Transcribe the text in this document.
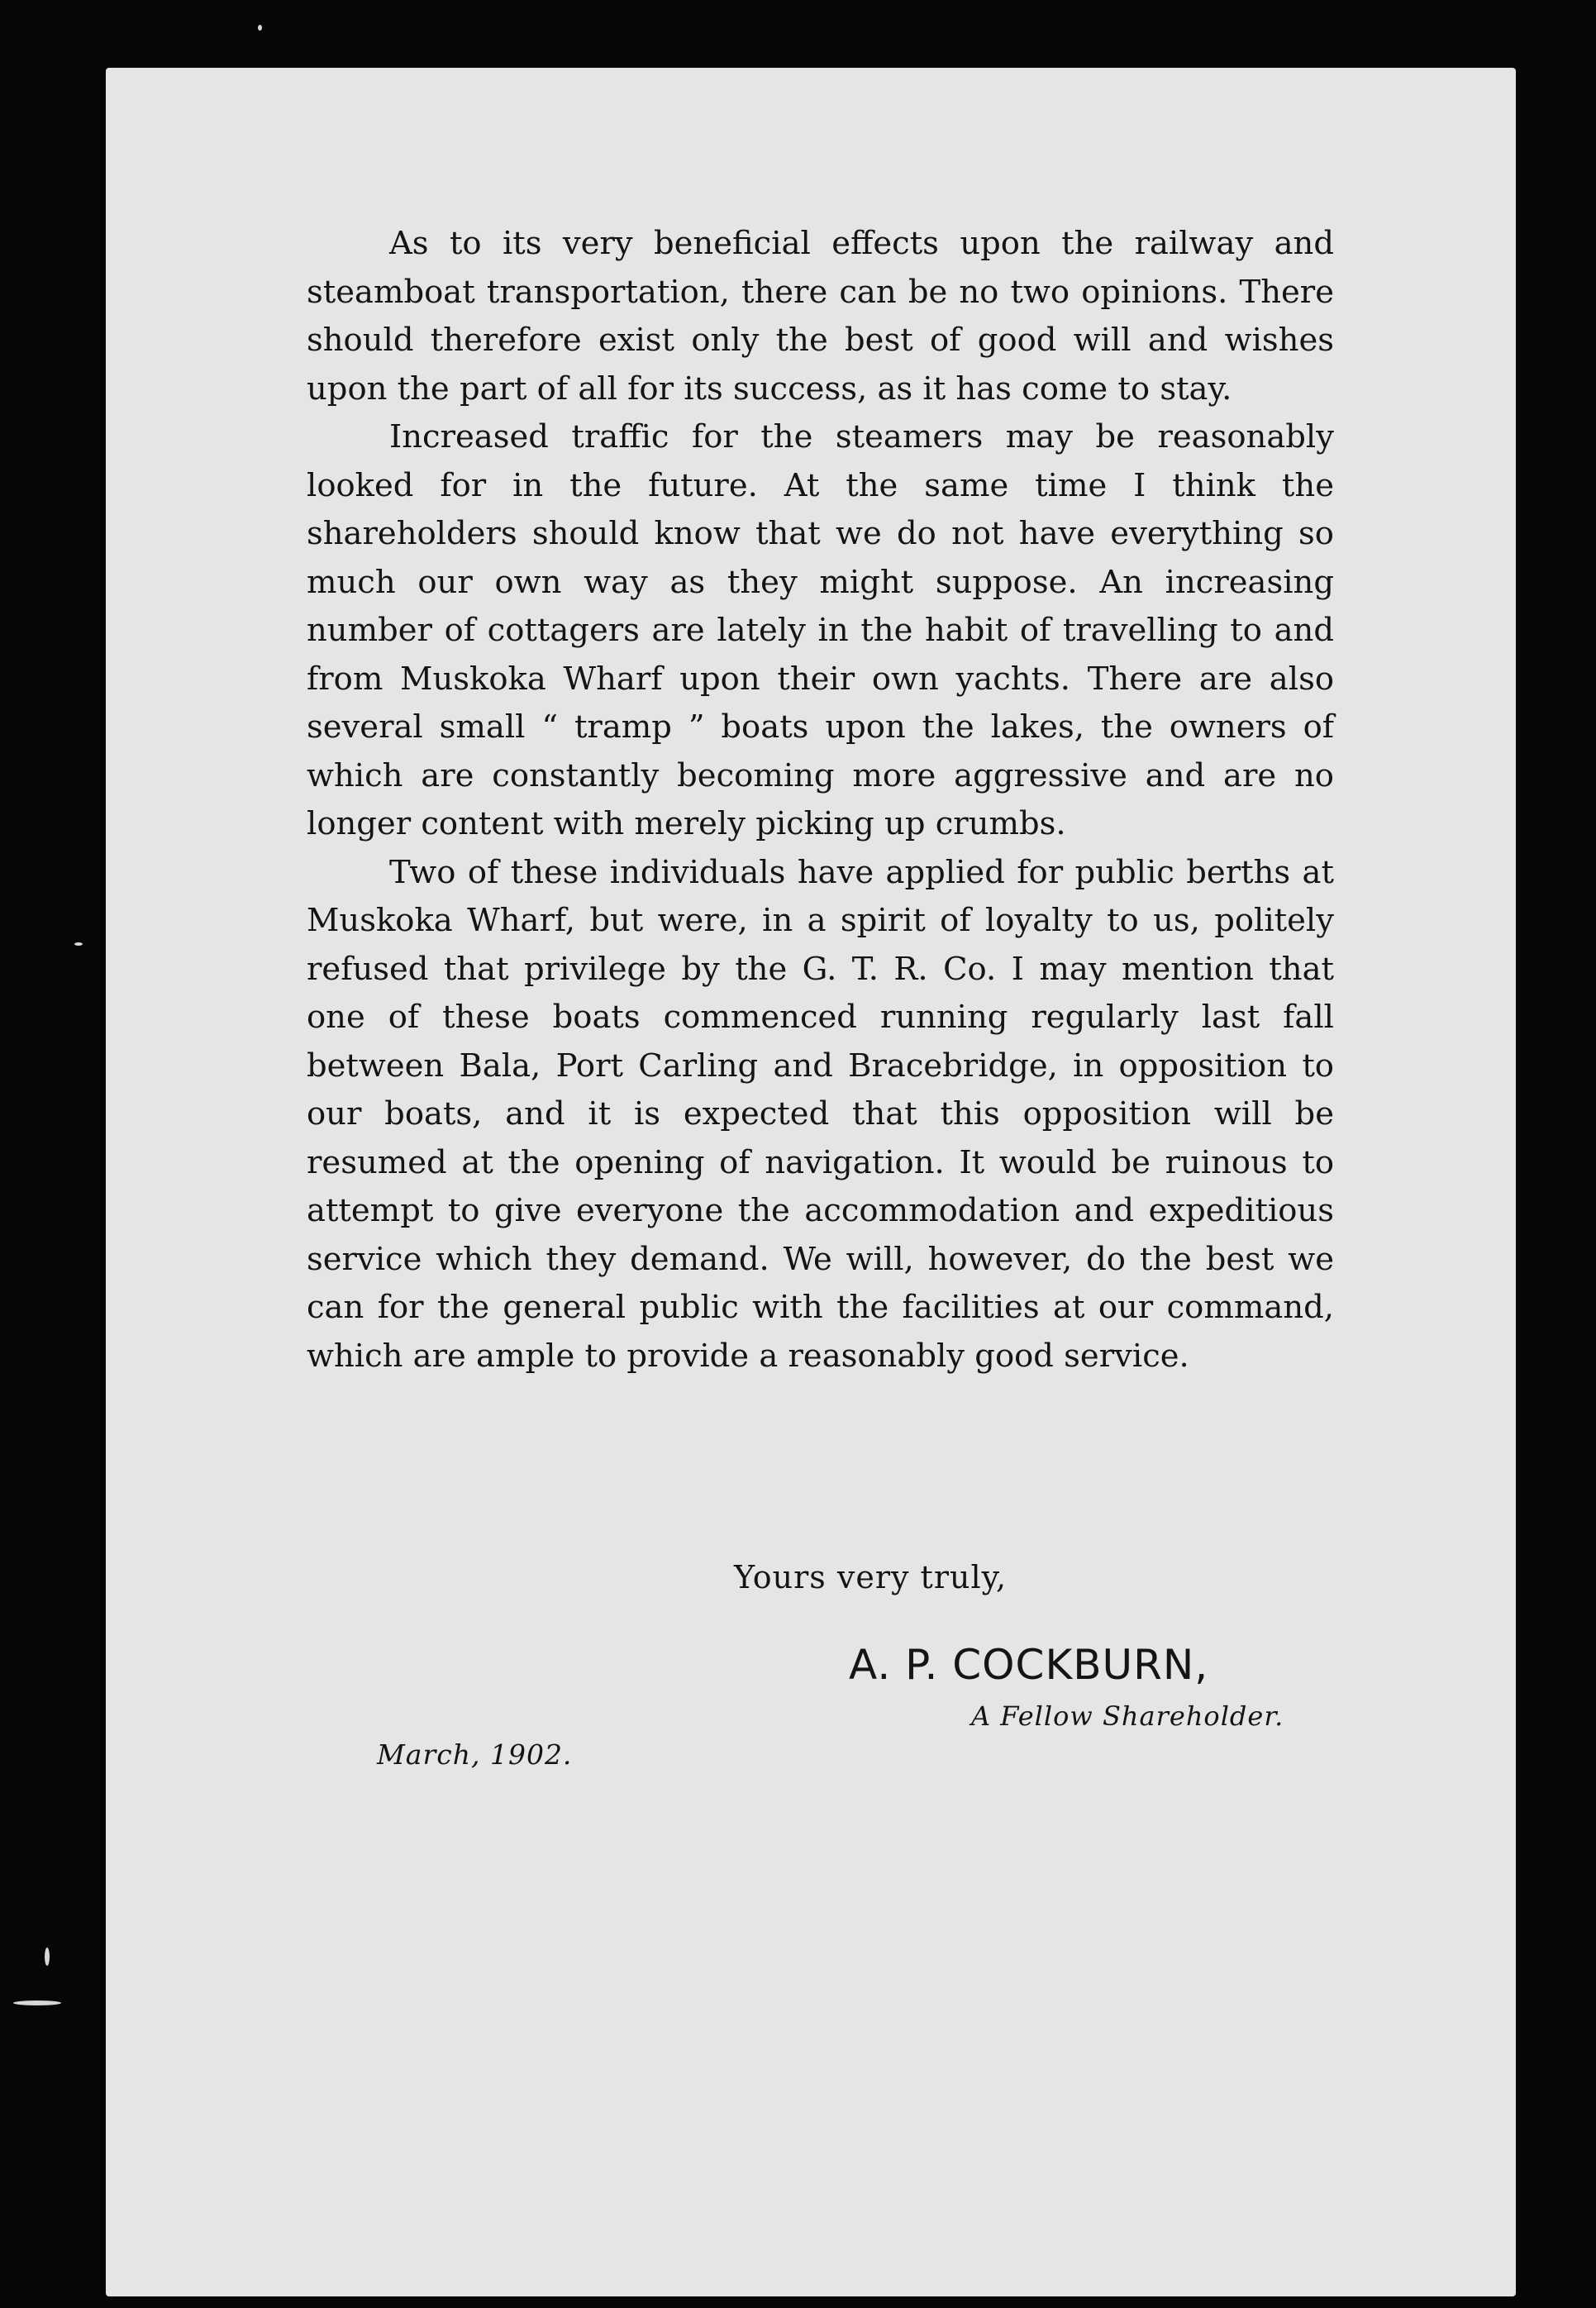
As to its very beneficial effects upon the railway and steamboat transportation, there can be no two opinions. There should therefore exist only the best of good will and wishes upon the part of all for its success, as it has come to stay.

Increased traffic for the steamers may be reasonably looked for in the future. At the same time I think the shareholders should know that we do not have everything so much our own way as they might suppose. An increasing number of cottagers are lately in the habit of travelling to and from Muskoka Wharf upon their own yachts. There are also several small “ tramp ” boats upon the lakes, the owners of which are constantly becoming more aggressive and are no longer content with merely picking up crumbs.

Two of these individuals have applied for public berths at Muskoka Wharf, but were, in a spirit of loyalty to us, politely refused that privilege by the G. T. R. Co. I may mention that one of these boats commenced running regularly last fall between Bala, Port Carling and Bracebridge, in opposition to our boats, and it is expected that this opposition will be resumed at the opening of navigation. It would be ruinous to attempt to give everyone the accommodation and expeditious service which they demand. We will, however, do the best we can for the general public with the facilities at our command, which are ample to provide a reasonably good service.

Yours very truly,
A. P. COCKBURN,
A Fellow Shareholder.
March, 1902.
